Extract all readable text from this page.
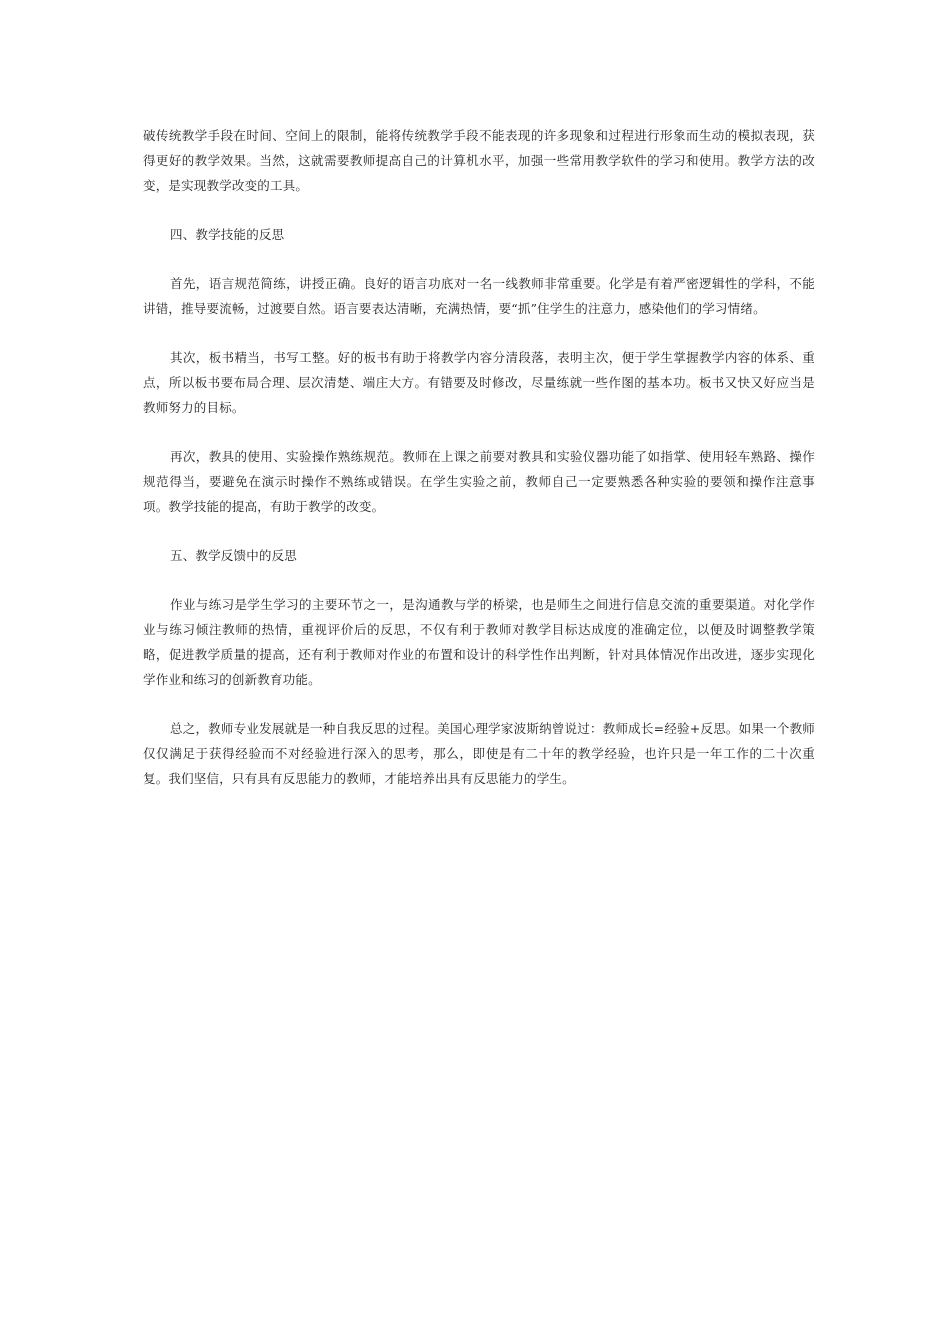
破传统教学手段在时间、空间上的限制，能将传统教学手段不能表现的许多现象和过程进行形象而生动的模拟表现，获得更好的教学效果。当然，这就需要教师提高自己的计算机水平，加强一些常用教学软件的学习和使用。教学方法的改变，是实现教学改变的工具。

四、教学技能的反思

首先，语言规范简练，讲授正确。良好的语言功底对一名一线教师非常重要。化学是有着严密逻辑性的学科，不能讲错，推导要流畅，过渡要自然。语言要表达清晰，充满热情，要“抓”住学生的注意力，感染他们的学习情绪。

其次，板书精当，书写工整。好的板书有助于将教学内容分清段落，表明主次，便于学生掌握教学内容的体系、重点，所以板书要布局合理、层次清楚、端庄大方。有错要及时修改，尽量练就一些作图的基本功。板书又快又好应当是教师努力的目标。

再次，教具的使用、实验操作熟练规范。教师在上课之前要对教具和实验仪器功能了如指掌、使用轻车熟路、操作规范得当，要避免在演示时操作不熟练或错误。在学生实验之前，教师自己一定要熟悉各种实验的要领和操作注意事项。教学技能的提高，有助于教学的改变。

五、教学反馈中的反思

作业与练习是学生学习的主要环节之一，是沟通教与学的桥梁，也是师生之间进行信息交流的重要渠道。对化学作业与练习倾注教师的热情，重视评价后的反思，不仅有利于教师对教学目标达成度的准确定位，以便及时调整教学策略，促进教学质量的提高，还有利于教师对作业的布置和设计的科学性作出判断，针对具体情况作出改进，逐步实现化学作业和练习的创新教育功能。

总之，教师专业发展就是一种自我反思的过程。美国心理学家波斯纳曾说过：教师成长=经验+反思。如果一个教师仅仅满足于获得经验而不对经验进行深入的思考，那么，即使是有二十年的教学经验，也许只是一年工作的二十次重复。我们坚信，只有具有反思能力的教师，才能培养出具有反思能力的学生。
